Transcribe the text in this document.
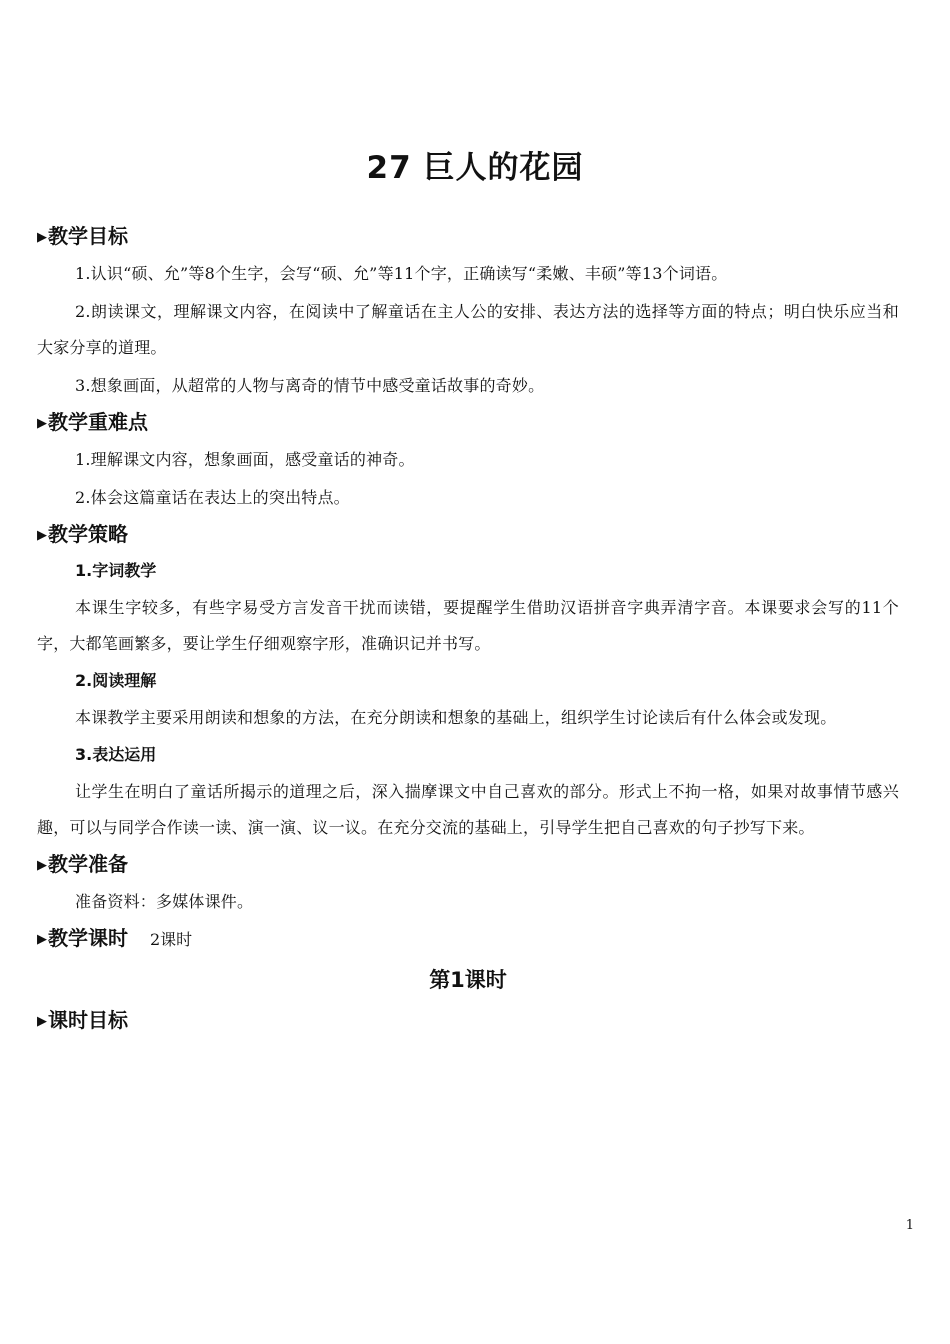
27 巨人的花园
▶教学目标

1.认识“硕、允”等8个生字，会写“硕、允”等11个字，正确读写“柔嫩、丰硕”等13个词语。

2.朗读课文，理解课文内容，在阅读中了解童话在主人公的安排、表达方法的选择等方面的特点；明白快乐应当和大家分享的道理。

3.想象画面，从超常的人物与离奇的情节中感受童话故事的奇妙。

▶教学重难点

1.理解课文内容，想象画面，感受童话的神奇。

2.体会这篇童话在表达上的突出特点。

▶教学策略
1.字词教学

本课生字较多，有些字易受方言发音干扰而读错，要提醒学生借助汉语拼音字典弄清字音。本课要求会写的11个字，大都笔画繁多，要让学生仔细观察字形，准确识记并书写。

2.阅读理解

本课教学主要采用朗读和想象的方法，在充分朗读和想象的基础上，组织学生讨论读后有什么体会或发现。

3.表达运用

让学生在明白了童话所揭示的道理之后，深入揣摩课文中自己喜欢的部分。形式上不拘一格，如果对故事情节感兴趣，可以与同学合作读一读、演一演、议一议。在充分交流的基础上，引导学生把自己喜欢的句子抄写下来。

▶教学准备

准备资料：多媒体课件。

▶教学课时 2课时
第1课时
▶课时目标
1
